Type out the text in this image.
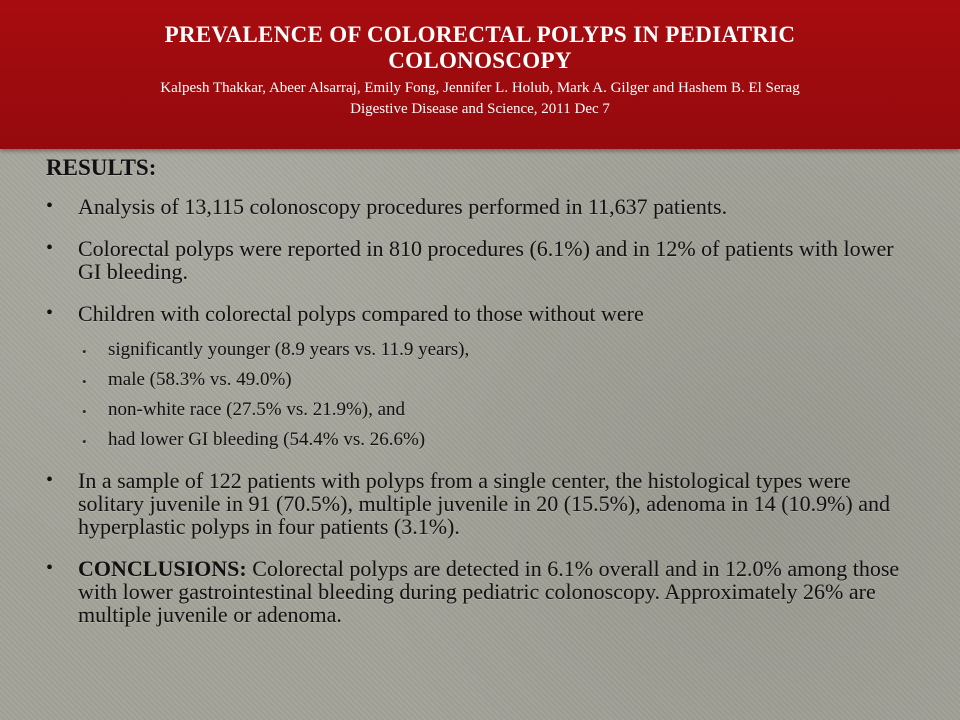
PREVALENCE OF COLORECTAL POLYPS IN PEDIATRIC COLONOSCOPY
Kalpesh Thakkar, Abeer Alsarraj, Emily Fong, Jennifer L. Holub, Mark A. Gilger and Hashem B. El Serag
Digestive Disease and Science, 2011 Dec 7
RESULTS:
•	Analysis of 13,115 colonoscopy procedures performed in 11,637 patients.
•	Colorectal polyps were reported in 810 procedures (6.1%) and in 12% of patients with lower GI bleeding.
•	Children with colorectal polyps compared to those without were
•	significantly younger (8.9 years vs. 11.9 years),
•	male (58.3% vs. 49.0%)
•	non-white race (27.5% vs. 21.9%), and
•	had lower GI bleeding (54.4% vs. 26.6%)
•	In a sample of 122 patients with polyps from a single center, the histological types were solitary juvenile in 91 (70.5%), multiple juvenile in 20 (15.5%), adenoma in 14 (10.9%) and hyperplastic polyps in four patients (3.1%).
•	CONCLUSIONS: Colorectal polyps are detected in 6.1% overall and in 12.0% among those with lower gastrointestinal bleeding during pediatric colonoscopy. Approximately 26% are multiple juvenile or adenoma.
